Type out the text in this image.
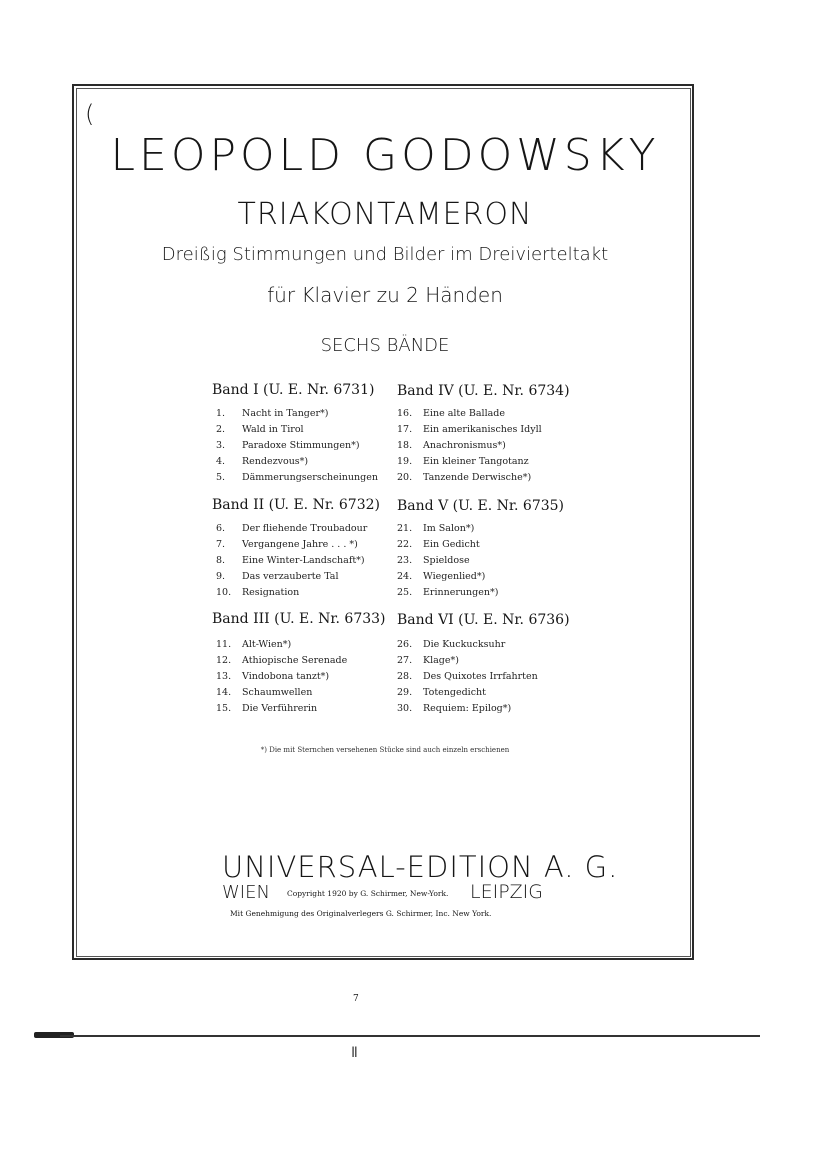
(
LEOPOLD GODOWSKY
TRIAKONTAMERON
Dreißig Stimmungen und Bilder im Dreivierteltakt
für Klavier zu 2 Händen
SECHS BÄNDE
Band I (U. E. Nr. 6731)
1. Nacht in Tanger*)
2. Wald in Tirol
3. Paradoxe Stimmungen*)
4. Rendezvous*)
5. Dämmerungserscheinungen
Band II (U. E. Nr. 6732)
6. Der fliehende Troubadour
7. Vergangene Jahre . . . *)
8. Eine Winter-Landschaft*)
9. Das verzauberte Tal
10. Resignation
Band III (U. E. Nr. 6733)
11. Alt-Wien*)
12. Athiopische Serenade
13. Vindobona tanzt*)
14. Schaumwellen
15. Die Verführerin
Band IV (U. E. Nr. 6734)
16. Eine alte Ballade
17. Ein amerikanisches Idyll
18. Anachronismus*)
19. Ein kleiner Tangotanz
20. Tanzende Derwische*)
Band V (U. E. Nr. 6735)
21. Im Salon*)
22. Ein Gedicht
23. Spieldose
24. Wiegenlied*)
25. Erinnerungen*)
Band VI (U. E. Nr. 6736)
26. Die Kuckucksuhr
27. Klage*)
28. Des Quixotes Irrfahrten
29. Totengedicht
30. Requiem: Epilog*)
*) Die mit Sternchen versehenen Stücke sind auch einzeln erschienen
UNIVERSAL-EDITION A. G.
WIEN Copyright 1920 by G. Schirmer, New-York. LEIPZIG
Mit Genehmigung des Originalverlegers G. Schirmer, Inc. New York.
7
ǁ
